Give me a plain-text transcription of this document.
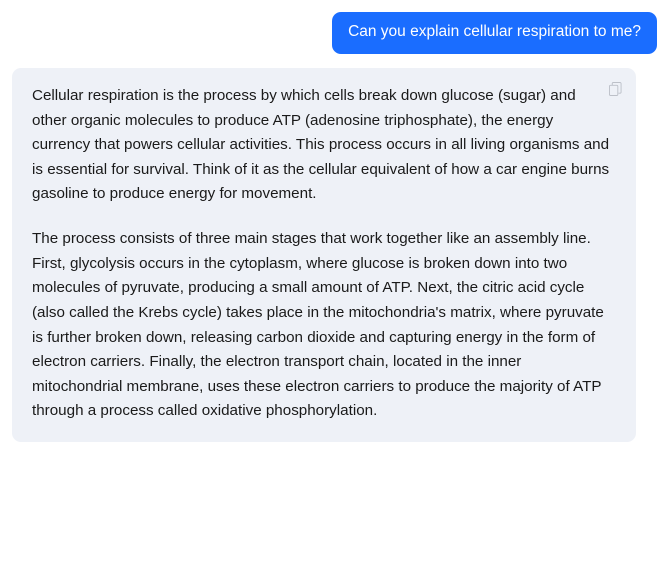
Can you explain cellular respiration to me?

Cellular respiration is the process by which cells break down glucose (sugar) and other organic molecules to produce ATP (adenosine triphosphate), the energy currency that powers cellular activities. This process occurs in all living organisms and is essential for survival. Think of it as the cellular equivalent of how a car engine burns gasoline to produce energy for movement.

The process consists of three main stages that work together like an assembly line. First, glycolysis occurs in the cytoplasm, where glucose is broken down into two molecules of pyruvate, producing a small amount of ATP. Next, the citric acid cycle (also called the Krebs cycle) takes place in the mitochondria's matrix, where pyruvate is further broken down, releasing carbon dioxide and capturing energy in the form of electron carriers. Finally, the electron transport chain, located in the inner mitochondrial membrane, uses these electron carriers to produce the majority of ATP through a process called oxidative phosphorylation.
